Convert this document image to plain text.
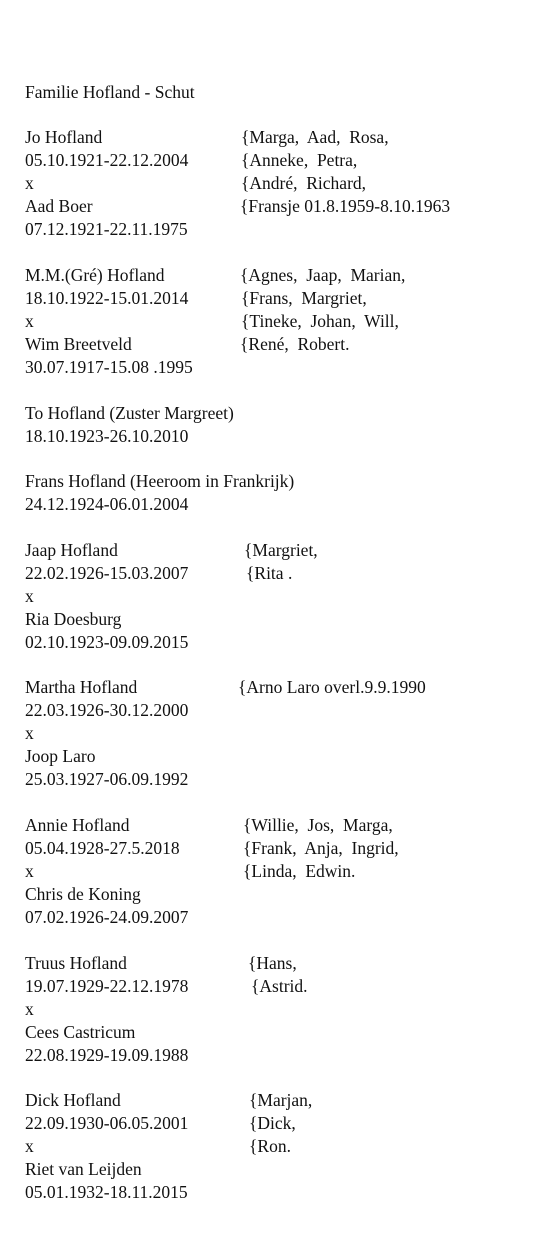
Familie Hofland - Schut
Jo Hofland
05.10.1921-22.12.2004
x
Aad Boer
07.12.1921-22.11.1975
{Marga,  Aad,  Rosa,
{Anneke,  Petra,
{André,  Richard,
{Fransje 01.8.1959-8.10.1963
M.M.(Gré) Hofland
18.10.1922-15.01.2014
x
Wim Breetveld
30.07.1917-15.08 .1995
{Agnes,  Jaap,  Marian,
{Frans,  Margriet,
{Tineke,  Johan,  Will,
{René,  Robert.
To Hofland (Zuster Margreet)
18.10.1923-26.10.2010
Frans Hofland (Heeroom in Frankrijk)
24.12.1924-06.01.2004
Jaap Hofland
22.02.1926-15.03.2007
x
Ria Doesburg
02.10.1923-09.09.2015
{Margriet,
{Rita .
Martha Hofland
22.03.1926-30.12.2000
x
Joop Laro
25.03.1927-06.09.1992
{Arno Laro overl.9.9.1990
Annie Hofland
05.04.1928-27.5.2018
x
Chris de Koning
07.02.1926-24.09.2007
{Willie,  Jos,  Marga,
{Frank,  Anja,  Ingrid,
{Linda,  Edwin.
Truus Hofland
19.07.1929-22.12.1978
x
Cees Castricum
22.08.1929-19.09.1988
{Hans,
{Astrid.
Dick Hofland
22.09.1930-06.05.2001
x
Riet van Leijden
05.01.1932-18.11.2015
{Marjan,
{Dick,
{Ron.
